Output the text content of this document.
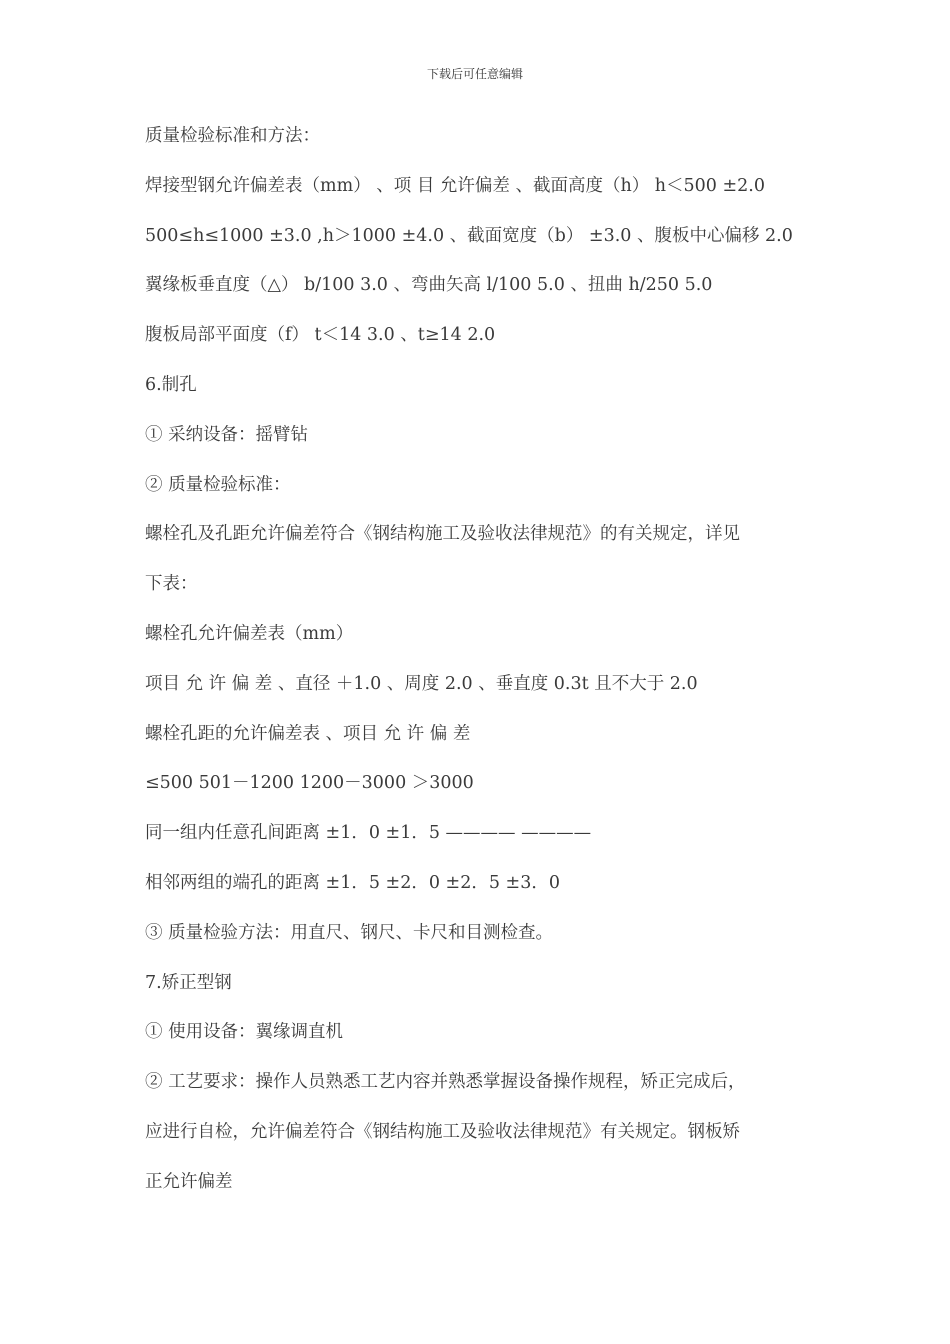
下载后可任意编辑
质量检验标准和方法：
焊接型钢允许偏差表（mm） 、项 目 允许偏差 、截面高度（h） h＜500 ±2.0
500≤h≤1000 ±3.0 ,h＞1000 ±4.0 、截面宽度（b） ±3.0 、腹板中心偏移 2.0
翼缘板垂直度（△） b/100 3.0 、弯曲矢高 l/100 5.0 、扭曲 h/250 5.0
腹板局部平面度（f） t＜14 3.0 、t≥14 2.0
6.制孔
① 采纳设备：摇臂钻
② 质量检验标准：
螺栓孔及孔距允许偏差符合《钢结构施工及验收法律规范》的有关规定，详见
下表：
螺栓孔允许偏差表（mm）
项目 允 许 偏 差 、直径 ＋1.0 、周度 2.0 、垂直度 0.3t 且不大于 2.0
螺栓孔距的允许偏差表 、项目 允 许 偏 差
≤500 501－1200 1200－3000 ＞3000
同一组内任意孔间距离 ±1．0 ±1．5 ———— ————
相邻两组的端孔的距离 ±1．5 ±2．0 ±2．5 ±3．0
③ 质量检验方法：用直尺、钢尺、卡尺和目测检查。
7.矫正型钢
① 使用设备：翼缘调直机
② 工艺要求：操作人员熟悉工艺内容并熟悉掌握设备操作规程，矫正完成后，
应进行自检，允许偏差符合《钢结构施工及验收法律规范》有关规定。钢板矫
正允许偏差
